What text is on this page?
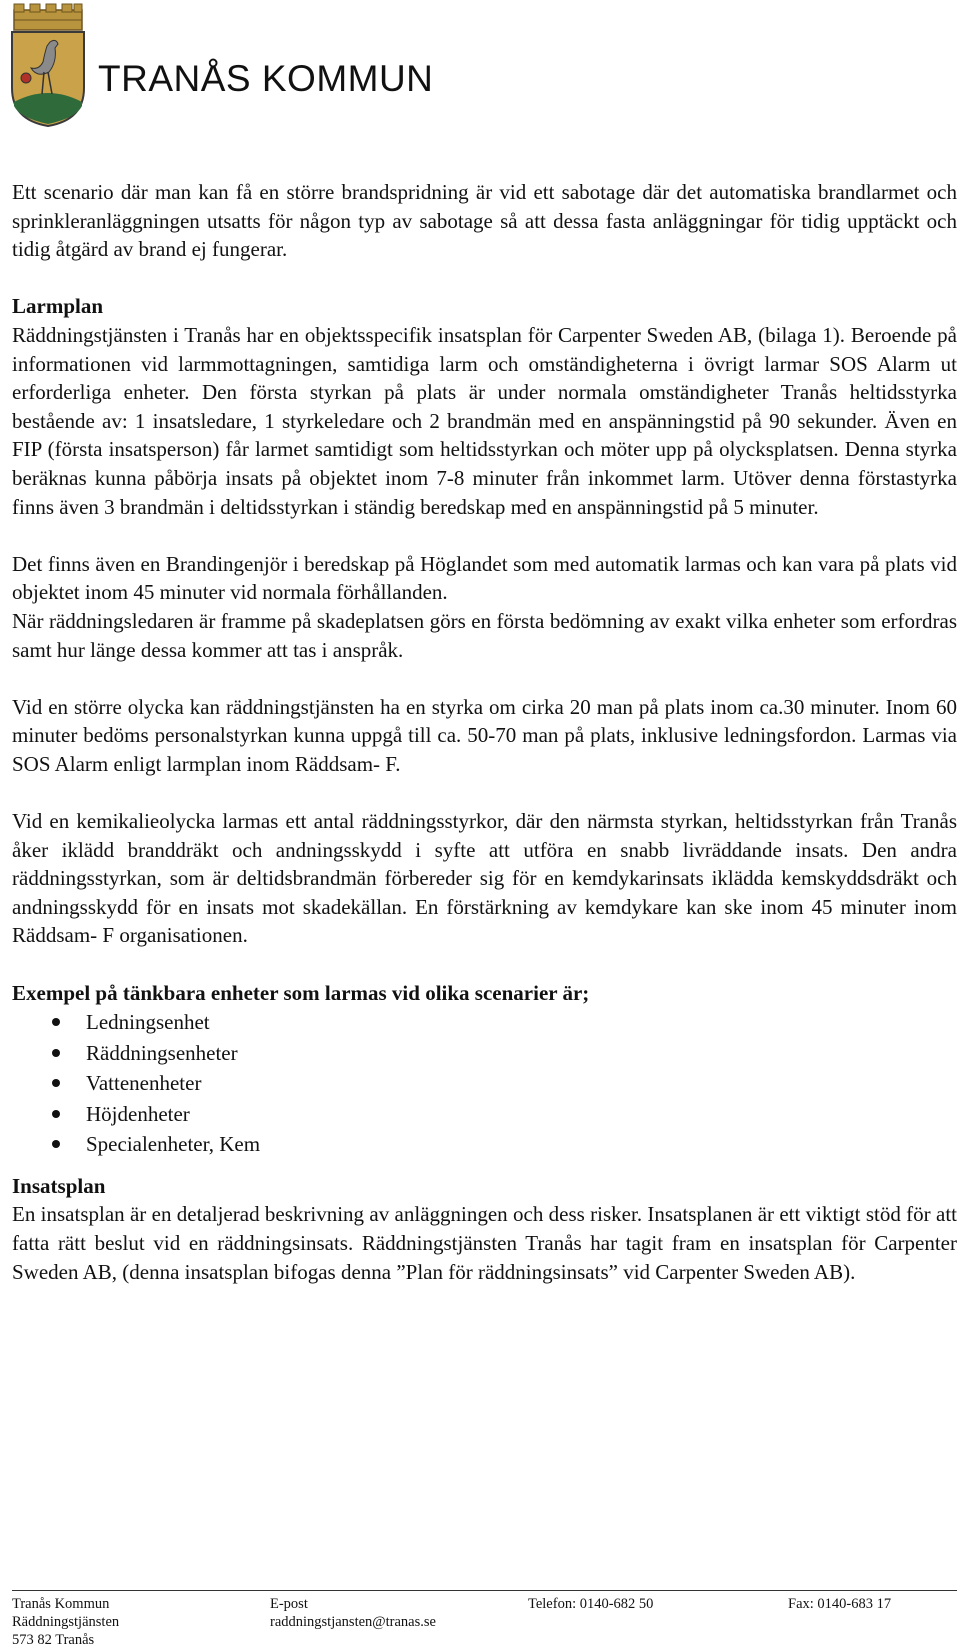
TRANÅS KOMMUN

Ett scenario där man kan få en större brandspridning är vid ett sabotage där det automatiska brandlarmet och sprinkleranläggningen utsatts för någon typ av sabotage så att dessa fasta anläggningar för tidig upptäckt och tidig åtgärd av brand ej fungerar.

Larmplan

Räddningstjänsten i Tranås har en objektsspecifik insatsplan för Carpenter Sweden AB, (bilaga 1). Beroende på informationen vid larmmottagningen, samtidiga larm och omständigheterna i övrigt larmar SOS Alarm ut erforderliga enheter. Den första styrkan på plats är under normala omständigheter Tranås heltidsstyrka bestående av: 1 insatsledare, 1 styrkeledare och 2 brandmän med en anspänningstid på 90 sekunder. Även en FIP (första insatsperson) får larmet samtidigt som heltidsstyrkan och möter upp på olycksplatsen. Denna styrka beräknas kunna påbörja insats på objektet inom 7-8 minuter från inkommet larm. Utöver denna förstastyrka finns även 3 brandmän i deltidsstyrkan i ständig beredskap med en anspänningstid på 5 minuter.

Det finns även en Brandingenjör i beredskap på Höglandet som med automatik larmas och kan vara på plats vid objektet inom 45 minuter vid normala förhållanden.

När räddningsledaren är framme på skadeplatsen görs en första bedömning av exakt vilka enheter som erfordras samt hur länge dessa kommer att tas i anspråk.

Vid en större olycka kan räddningstjänsten ha en styrka om cirka 20 man på plats inom ca.30 minuter. Inom 60 minuter bedöms personalstyrkan kunna uppgå till ca. 50-70 man på plats, inklusive ledningsfordon. Larmas via SOS Alarm enligt larmplan inom Räddsam- F.

Vid en kemikalieolycka larmas ett antal räddningsstyrkor, där den närmsta styrkan, heltidsstyrkan från Tranås åker iklädd branddräkt och andningsskydd i syfte att utföra en snabb livräddande insats. Den andra räddningsstyrkan, som är deltidsbrandmän förbereder sig för en kemdykarinsats iklädda kemskyddsdräkt och andningsskydd för en insats mot skadekällan. En förstärkning av kemdykare kan ske inom 45 minuter inom Räddsam- F organisationen.

Exempel på tänkbara enheter som larmas vid olika scenarier är;

Ledningsenhet
Räddningsenheter
Vattenenheter
Höjdenheter
Specialenheter, Kem

Insatsplan

En insatsplan är en detaljerad beskrivning av anläggningen och dess risker. Insatsplanen är ett viktigt stöd för att fatta rätt beslut vid en räddningsinsats. Räddningstjänsten Tranås har tagit fram en insatsplan för Carpenter Sweden AB, (denna insatsplan bifogas denna ”Plan för räddningsinsats” vid Carpenter Sweden AB).

Tranås Kommun
Räddningstjänsten
573 82 Tranås
E-post
raddningstjansten@tranas.se
Telefon: 0140-682 50	Fax: 0140-683 17
